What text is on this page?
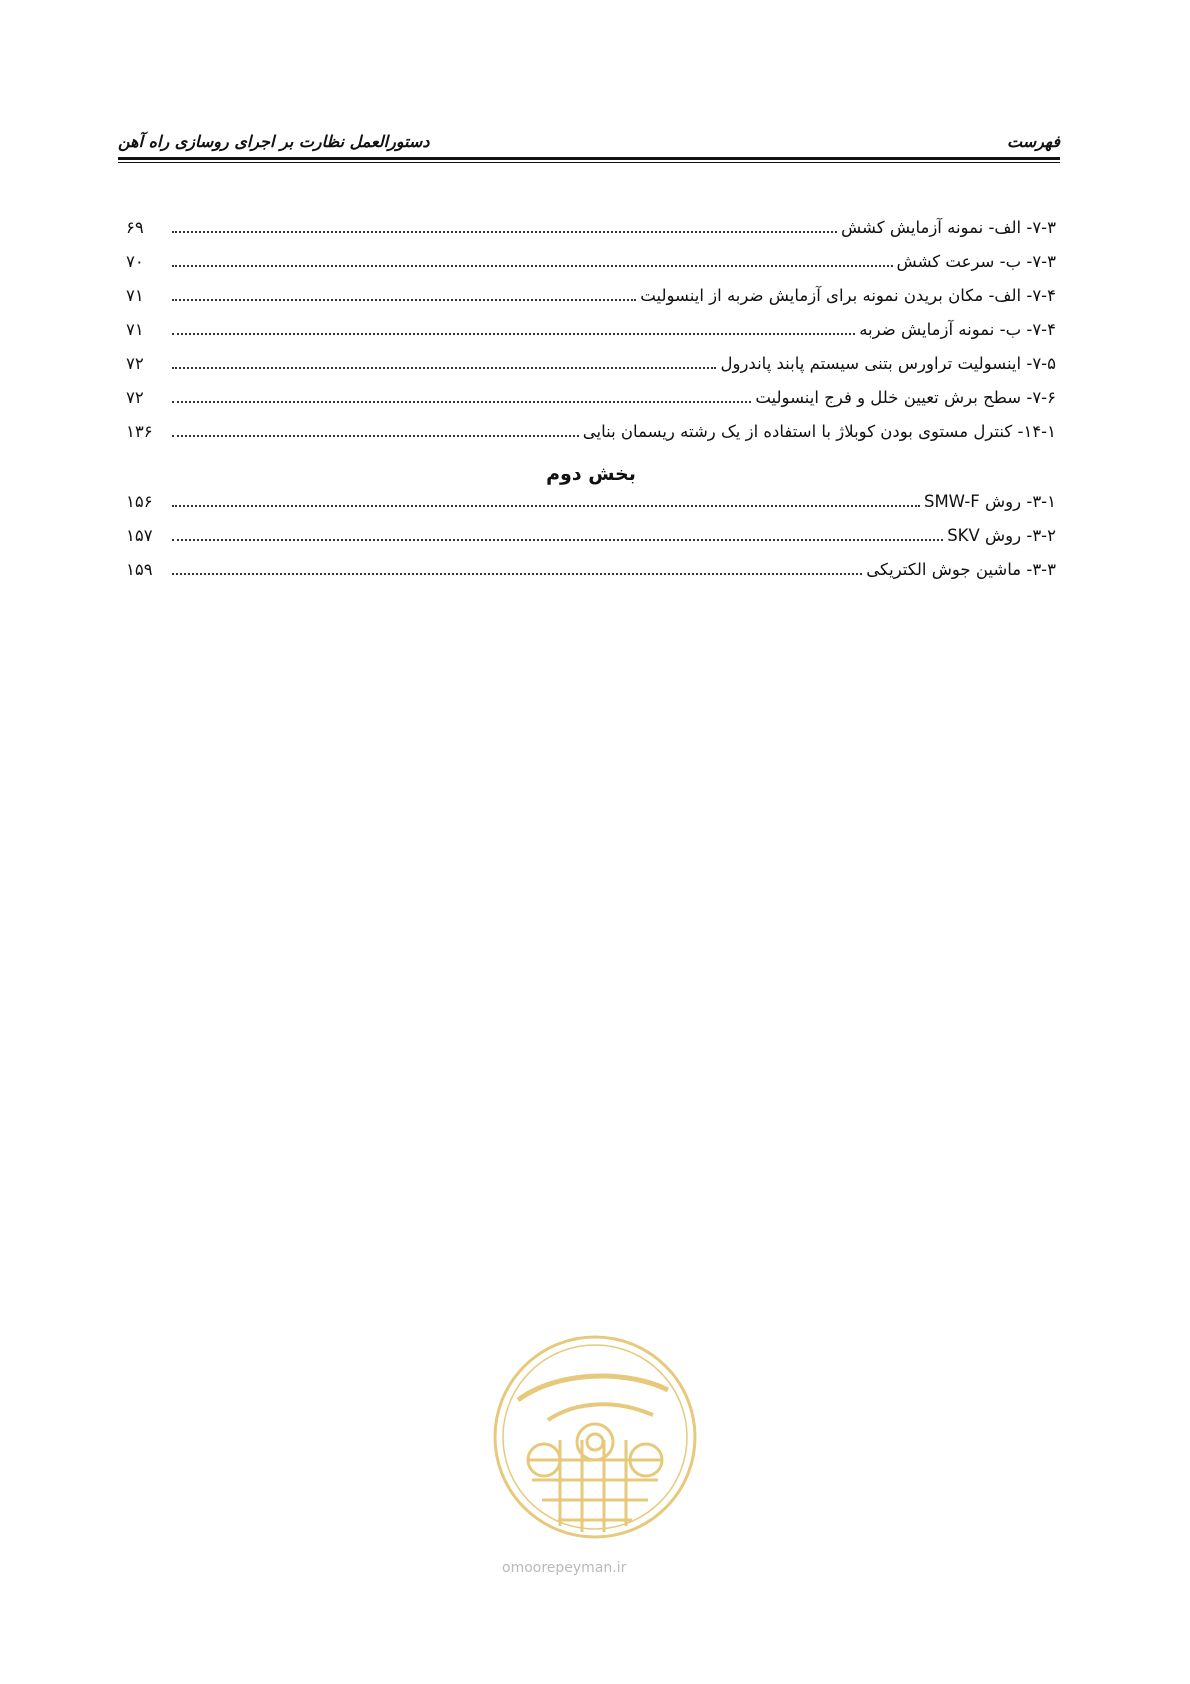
فهرست
دستورالعمل نظارت بر اجرای روسازی راه آهن
۷-۳- الف- نمونه آزمایش کشش
۶۹
۷-۳- ب- سرعت کشش
۷۰
۷-۴- الف- مکان بریدن نمونه برای آزمایش ضربه از اینسولیت
۷۱
۷-۴- ب- نمونه آزمایش ضربه
۷۱
۷-۵- اینسولیت تراورس بتنی سیستم پابند پاندرول
۷۲
۷-۶- سطح برش تعیین خلل و فرج اینسولیت
۷۲
۱۴-۱- کنترل مستوی بودن کوبلاژ با استفاده از یک رشته ریسمان بنایی
۱۳۶
بخش دوم
۳-۱- روش SMW-F
۱۵۶
۳-۲- روش SKV
۱۵۷
۳-۳- ماشین جوش الکتریکی
۱۵۹
omoorepeyman.ir
